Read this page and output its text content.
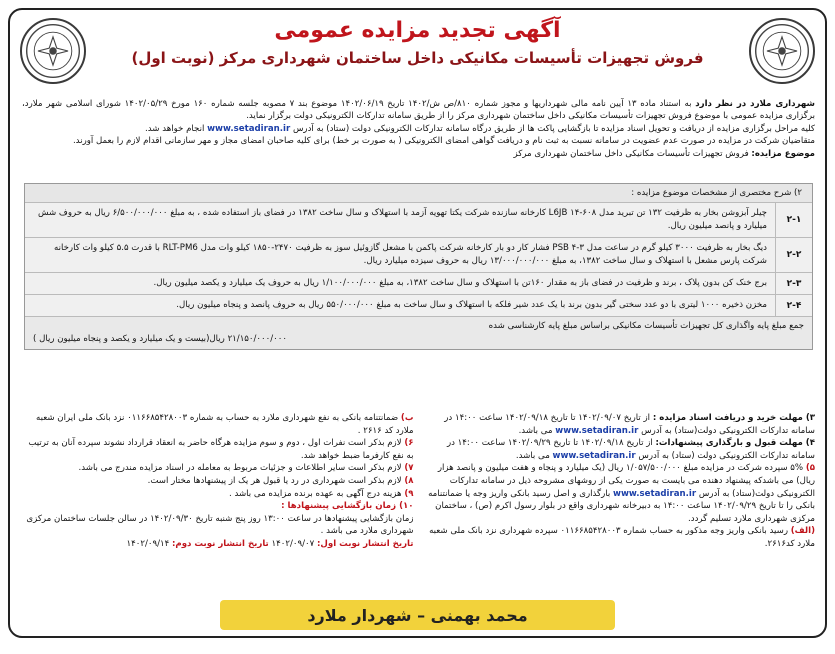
آگهی تجدید مزایده عمومی
فروش تجهیزات تأسیسات مکانیکی داخل ساختمان شهرداری مرکز (نوبت اول)

شهرداری ملارد در نظر دارد به استناد ماده ۱۳ آیین نامه مالی شهرداریها و مجوز شماره ۸۱۰/ص ش/۱۴۰۲ تاریخ ۱۴۰۲/۰۶/۱۹ موضوع بند ۷ مصوبه جلسه شماره ۱۶۰ مورخ ۱۴۰۲/۰۵/۲۹ شورای اسلامی شهر ملارد، برگزاری مزایده عمومی با موضوع فروش تجهیزات تأسیسات مکانیکی داخل ساختمان شهرداری مرکز را از طریق سامانه تدارکات الکترونیکی دولت برگزار نماید.

کلیه مراحل برگزاری مزایده از دریافت و تحویل اسناد مزایده تا بازگشایی پاکت ها از طریق درگاه سامانه تدارکات الکترونیکی دولت (ستاد) به آدرس www.setadiran.ir انجام خواهد شد.

متقاضیان شرکت در مزایده در صورت عدم عضویت در سامانه نسبت به ثبت نام و دریافت گواهی امضای الکترونیکی ( به صورت بر خط) برای کلیه صاحبان امضای مجاز و مهر سازمانی اقدام لازم را بعمل آورند.

موضوع مزایده: فروش تجهیزات تأسیسات مکانیکی داخل ساختمان شهرداری مرکز

۲) شرح مختصری از مشخصات موضوع مزایده :
۲-۱
چیلر آبزوشن بخار به ظرفیت ۱۳۲ تن تبرید مدل ۶۰۸-L6JB ۱۴ کارخانه سازنده شرکت یکتا تهویه آزمد با استهلاک و سال ساخت ۱۳۸۲ در فضای باز استفاده شده ، به مبلغ ۶/۵۰۰/۰۰۰/۰۰۰ ریال به حروف شش میلیارد و پانصد میلیون ریال.
۲-۲
دیگ بخار به ظرفیت ۳۰۰۰ کیلو گرم در ساعت مدل ۳-۴ PSB فشار کار دو بار کارخانه شرکت پاکمن با مشعل گازوئیل سوز به ظرفیت ۲۴۷۰-۱۸۵۰ کیلو وات مدل RLT-PM6 با قدرت ۵.۵ کیلو وات کارخانه شرکت پارس مشعل با استهلاک و سال ساخت ۱۳۸۲، به مبلغ ۱۳/۰۰۰/۰۰۰/۰۰۰ ریال به حروف سیزده میلیارد ریال.
۲-۳
برج خنک کن بدون پلاک ، برند و ظرفیت در فضای باز به مقدار ۱۶۰تن با استهلاک و سال ساخت ۱۳۸۲، به مبلغ ۱/۱۰۰/۰۰۰/۰۰۰ ریال به حروف یک میلیارد و یکصد میلیون ریال.
۲-۴
مخزن ذخیره ۱۰۰۰ لیتری با دو عدد سختی گیر بدون برند با یک عدد شیر فلکه با استهلاک و سال ساخت به مبلغ ۵۵۰/۰۰۰/۰۰۰ ریال به حروف پانصد و پنجاه میلیون ریال.
جمع مبلغ پایه واگذاری کل تجهیزات تأسیسات مکانیکی براساس مبلغ پایه کارشناسی شده
۲۱/۱۵۰/۰۰۰/۰۰۰ ریال(بیست و یک میلیارد و یکصد و پنجاه میلیون ریال )

۳) مهلت خرید و دریافت اسناد مزایده : از تاریخ ۱۴۰۲/۰۹/۰۷ تا تاریخ ۱۴۰۲/۰۹/۱۸ ساعت ۱۴:۰۰ در سامانه تدارکات الکترونیکی دولت(ستاد) به آدرس www.setadiran.ir می باشد.

۴) مهلت قبول و بارگذاری پیشنهادات: از تاریخ ۱۴۰۲/۰۹/۱۸ تا تاریخ ۱۴۰۲/۰۹/۲۹ ساعت ۱۴:۰۰ در سامانه تدارکات الکترونیکی دولت (ستاد) به آدرس www.setadiran.ir می باشد.

۵) ۵% سپرده شرکت در مزایده مبلغ ۱/۰۵۷/۵۰۰/۰۰۰ ریال (یک میلیارد و پنجاه و هفت میلیون و پانصد هزار ریال) می باشدکه پیشنهاد دهنده می بایست به صورت یکی از روشهای مشروحه ذیل در سامانه تدارکات الکترونیکی دولت(ستاد) به آدرس www.setadiran.ir بارگذاری و اصل رسید بانکی واریز وجه یا ضمانتنامه بانکی را تا تاریخ ۱۴۰۲/۰۹/۲۹ ساعت ۱۴:۰۰ به دبیرخانه شهرداری واقع در بلوار رسول اکرم (ص) ، ساختمان مرکزی شهرداری ملارد تسلیم گردد.

(الف) رسید بانکی واریز وجه مذکور به حساب شماره ۰۱۱۶۶۸۵۴۲۸۰۰۳ سپرده شهرداری نزد بانک ملی شعبه ملارد کد۲۶۱۶.

ب) ضمانتنامه بانکی به نفع شهرداری ملارد به حساب به شماره ۰۱۱۶۶۸۵۴۲۸۰۰۳ نزد بانک ملی ایران شعبه ملارد کد ۲۶۱۶ .

۶) لازم بذکر است نفرات اول ، دوم و سوم مزایده هرگاه حاضر به انعقاد قرارداد نشوند سپرده آنان به ترتیب به نفع کارفرما ضبط خواهد شد.

۷) لازم بذکر است سایر اطلاعات و جزئیات مربوط به معامله در اسناد مزایده مندرج می باشد.

۸) لازم بذکر است شهرداری در رد یا قبول هر یک از پیشنهادها مختار است.

۹) هزینه درج آگهی به عهده برنده مزایده می باشد .

۱۰) زمان بازگشایی پیشنهادها :

زمان بازگشایی پیشنهادها در ساعت ۱۳:۰۰ روز پنج شنبه تاریخ ۱۴۰۲/۰۹/۳۰ در سالن جلسات ساختمان مرکزی شهرداری ملارد می باشد .

تاریخ انتشار نوبت اول: ۱۴۰۲/۰۹/۰۷ تاریخ انتشار نوبت دوم: ۱۴۰۲/۰۹/۱۴

محمد بهمنی – شهردار ملارد
